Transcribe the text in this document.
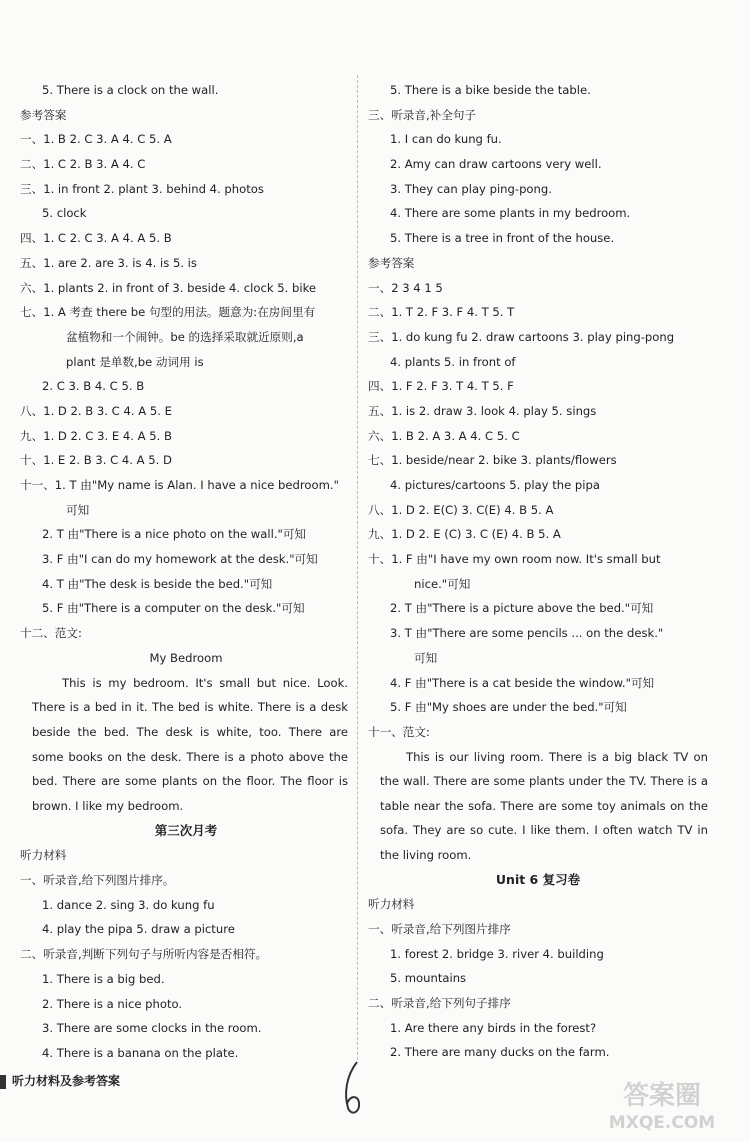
5. There is a clock on the wall.
参考答案
一、1. B 2. C 3. A 4. C 5. A
二、1. C 2. B 3. A 4. C
三、1. in front 2. plant 3. behind 4. photos
5. clock
四、1. C 2. C 3. A 4. A 5. B
五、1. are 2. are 3. is 4. is 5. is
六、1. plants 2. in front of 3. beside 4. clock 5. bike
七、1. A 考查 there be 句型的用法。题意为:在房间里有
盆植物和一个闹钟。be 的选择采取就近原则,a
plant 是单数,be 动词用 is
2. C 3. B 4. C 5. B
八、1. D 2. B 3. C 4. A 5. E
九、1. D 2. C 3. E 4. A 5. B
十、1. E 2. B 3. C 4. A 5. D
十一、1. T 由"My name is Alan. I have a nice bedroom."
可知
2. T 由"There is a nice photo on the wall."可知
3. F 由"I can do my homework at the desk."可知
4. T 由"The desk is beside the bed."可知
5. F 由"There is a computer on the desk."可知
十二、范文:
My Bedroom
This is my bedroom. It's small but nice. Look. There is a bed in it. The bed is white. There is a desk beside the bed. The desk is white, too. There are some books on the desk. There is a photo above the bed. There are some plants on the floor. The floor is brown. I like my bedroom.
第三次月考
听力材料
一、听录音,给下列图片排序。
1. dance 2. sing 3. do kung fu
4. play the pipa 5. draw a picture
二、听录音,判断下列句子与所听内容是否相符。
1. There is a big bed.
2. There is a nice photo.
3. There are some clocks in the room.
4. There is a banana on the plate.
5. There is a bike beside the table.
三、听录音,补全句子
1. I can do kung fu.
2. Amy can draw cartoons very well.
3. They can play ping-pong.
4. There are some plants in my bedroom.
5. There is a tree in front of the house.
参考答案
一、2 3 4 1 5
二、1. T 2. F 3. F 4. T 5. T
三、1. do kung fu 2. draw cartoons 3. play ping-pong
4. plants 5. in front of
四、1. F 2. F 3. T 4. T 5. F
五、1. is 2. draw 3. look 4. play 5. sings
六、1. B 2. A 3. A 4. C 5. C
七、1. beside/near 2. bike 3. plants/flowers
4. pictures/cartoons 5. play the pipa
八、1. D 2. E(C) 3. C(E) 4. B 5. A
九、1. D 2. E (C) 3. C (E) 4. B 5. A
十、1. F 由"I have my own room now. It's small but
nice."可知
2. T 由"There is a picture above the bed."可知
3. T 由"There are some pencils ... on the desk."
可知
4. F 由"There is a cat beside the window."可知
5. F 由"My shoes are under the bed."可知
十一、范文:
This is our living room. There is a big black TV on the wall. There are some plants under the TV. There is a table near the sofa. There are some toy animals on the sofa. They are so cute. I like them. I often watch TV in the living room.
Unit 6 复习卷
听力材料
一、听录音,给下列图片排序
1. forest 2. bridge 3. river 4. building
5. mountains
二、听录音,给下列句子排序
1. Are there any birds in the forest?
2. There are many ducks on the farm.
听力材料及参考答案	答案圈
MXQE.COM
